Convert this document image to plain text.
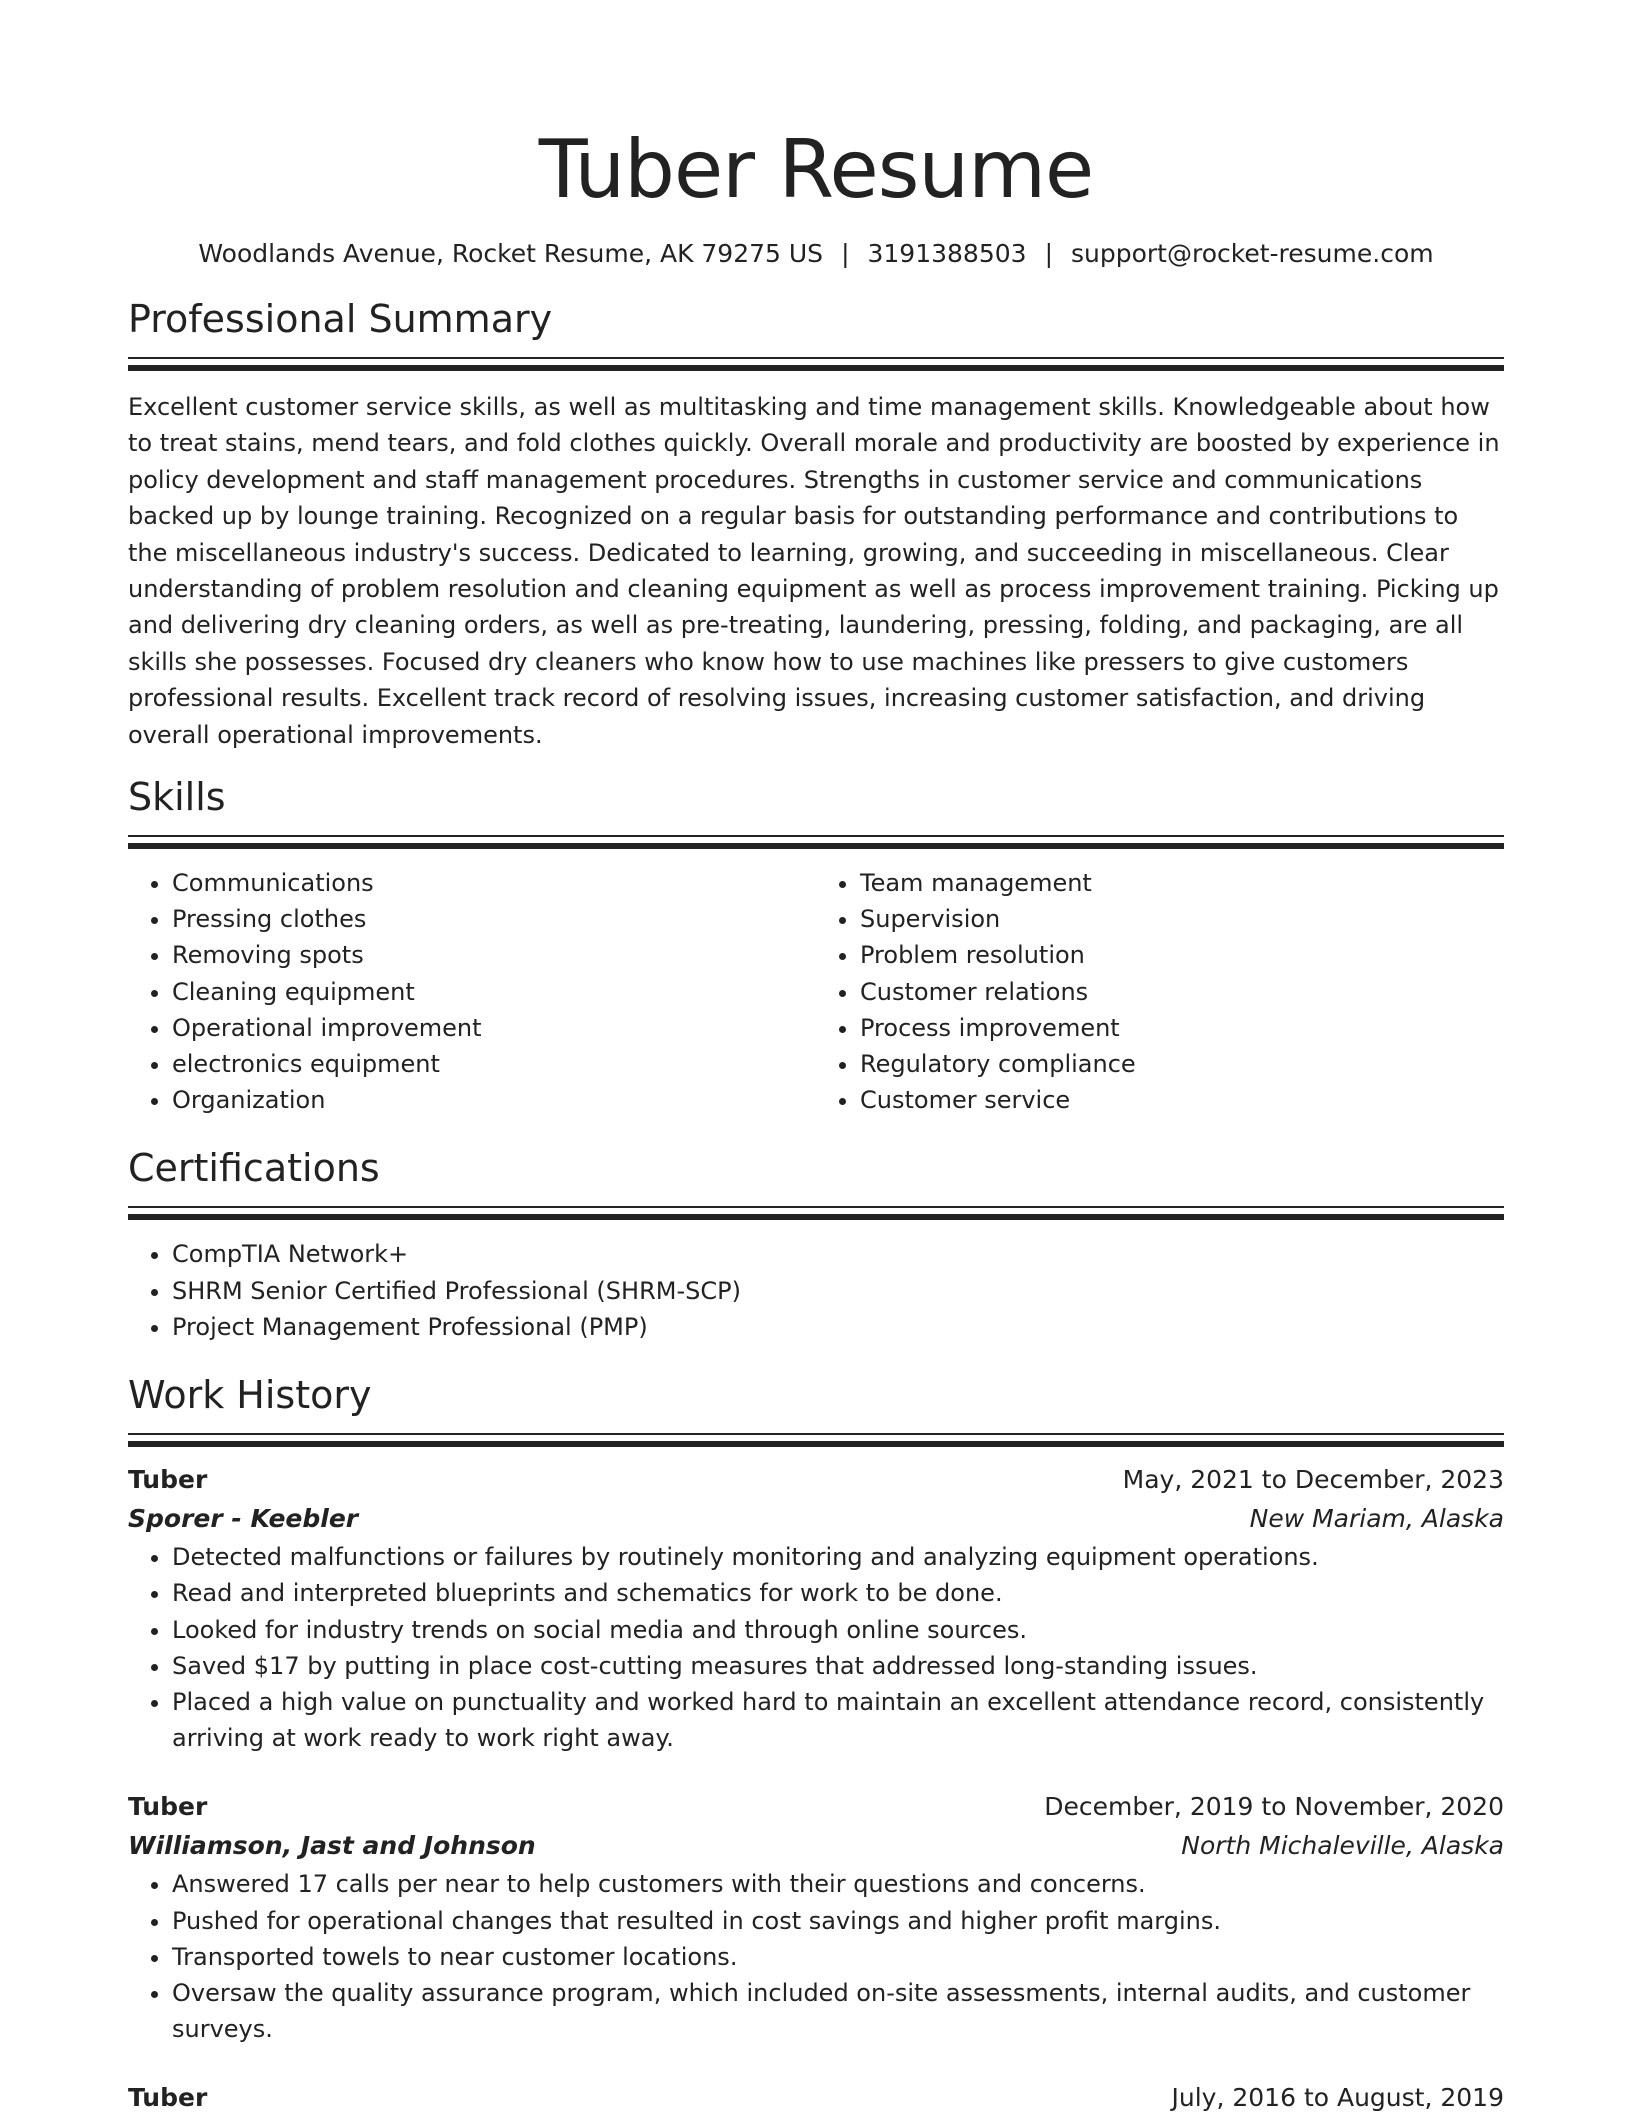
Tuber Resume
Woodlands Avenue, Rocket Resume, AK 79275 US | 3191388503 | support@rocket-resume.com
Professional Summary

Excellent customer service skills, as well as multitasking and time management skills. Knowledgeable about how to treat stains, mend tears, and fold clothes quickly. Overall morale and productivity are boosted by experience in policy development and staff management procedures. Strengths in customer service and communications backed up by lounge training. Recognized on a regular basis for outstanding performance and contributions to the miscellaneous industry's success. Dedicated to learning, growing, and succeeding in miscellaneous. Clear understanding of problem resolution and cleaning equipment as well as process improvement training. Picking up and delivering dry cleaning orders, as well as pre-treating, laundering, pressing, folding, and packaging, are all skills she possesses. Focused dry cleaners who know how to use machines like pressers to give customers professional results. Excellent track record of resolving issues, increasing customer satisfaction, and driving overall operational improvements.

Skills
• Communications
• Pressing clothes
• Removing spots
• Cleaning equipment
• Operational improvement
• electronics equipment
• Organization
• Team management
• Supervision
• Problem resolution
• Customer relations
• Process improvement
• Regulatory compliance
• Customer service
Certifications
• CompTIA Network+
• SHRM Senior Certified Professional (SHRM-SCP)
• Project Management Professional (PMP)
Work History
Tuber	May, 2021 to December, 2023
Sporer - Keebler	New Mariam, Alaska
• Detected malfunctions or failures by routinely monitoring and analyzing equipment operations.
• Read and interpreted blueprints and schematics for work to be done.
• Looked for industry trends on social media and through online sources.
• Saved $17 by putting in place cost-cutting measures that addressed long-standing issues.
• Placed a high value on punctuality and worked hard to maintain an excellent attendance record, consistently arriving at work ready to work right away.
Tuber	December, 2019 to November, 2020
Williamson, Jast and Johnson	North Michaleville, Alaska
• Answered 17 calls per near to help customers with their questions and concerns.
• Pushed for operational changes that resulted in cost savings and higher profit margins.
• Transported towels to near customer locations.
• Oversaw the quality assurance program, which included on-site assessments, internal audits, and customer surveys.
Tuber	July, 2016 to August, 2019
